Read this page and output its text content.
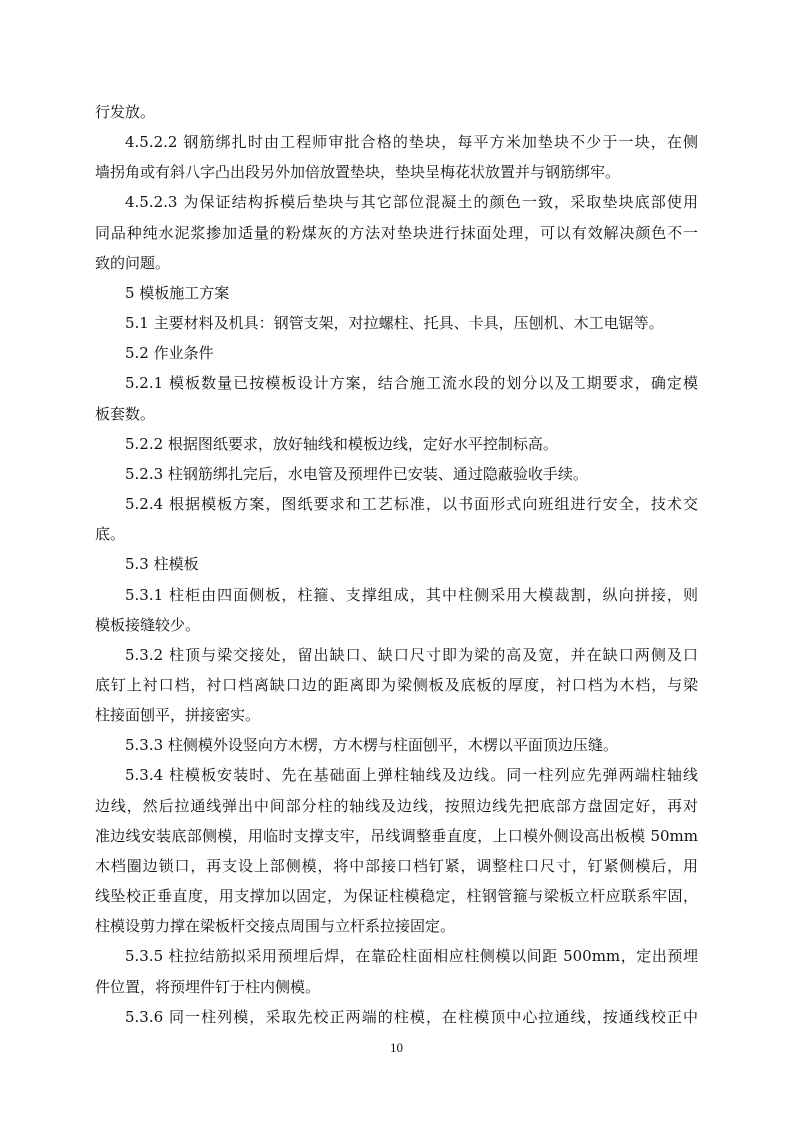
行发放。
4.5.2.2 钢筋绑扎时由工程师审批合格的垫块，每平方米加垫块不少于一块，在侧
墙拐角或有斜八字凸出段另外加倍放置垫块，垫块呈梅花状放置并与钢筋绑牢。
4.5.2.3 为保证结构拆模后垫块与其它部位混凝土的颜色一致，采取垫块底部使用
同品种纯水泥浆掺加适量的粉煤灰的方法对垫块进行抹面处理，可以有效解决颜色不一
致的问题。
5 模板施工方案
5.1 主要材料及机具：钢管支架，对拉螺柱、托具、卡具，压刨机、木工电锯等。
5.2 作业条件
5.2.1 模板数量已按模板设计方案，结合施工流水段的划分以及工期要求，确定模
板套数。
5.2.2 根据图纸要求，放好轴线和模板边线，定好水平控制标高。
5.2.3 柱钢筋绑扎完后，水电管及预埋件已安装、通过隐蔽验收手续。
5.2.4 根据模板方案，图纸要求和工艺标准，以书面形式向班组进行安全，技术交
底。
5.3 柱模板
5.3.1 柱柜由四面侧板，柱箍、支撑组成，其中柱侧采用大模裁割，纵向拼接，则
模板接缝较少。
5.3.2 柱顶与梁交接处，留出缺口、缺口尺寸即为梁的高及宽，并在缺口两侧及口
底钉上衬口档，衬口档离缺口边的距离即为梁侧板及底板的厚度，衬口档为木档，与梁
柱接面刨平，拼接密实。
5.3.3 柱侧模外设竖向方木楞，方木楞与柱面刨平，木楞以平面顶边压缝。
5.3.4 柱模板安装时、先在基础面上弹柱轴线及边线。同一柱列应先弹两端柱轴线
边线，然后拉通线弹出中间部分柱的轴线及边线，按照边线先把底部方盘固定好，再对
准边线安装底部侧模，用临时支撑支牢，吊线调整垂直度，上口模外侧设高出板模 50mm
木档圈边锁口，再支设上部侧模，将中部接口档钉紧，调整柱口尺寸，钉紧侧模后，用
线坠校正垂直度，用支撑加以固定，为保证柱模稳定，柱钢管箍与梁板立杆应联系牢固，
柱模设剪力撑在梁板杆交接点周围与立杆系拉接固定。
5.3.5 柱拉结筋拟采用预埋后焊，在靠砼柱面相应柱侧模以间距 500mm，定出预埋
件位置，将预埋件钉于柱内侧模。
5.3.6 同一柱列模，采取先校正两端的柱模，在柱模顶中心拉通线，按通线校正中
10
